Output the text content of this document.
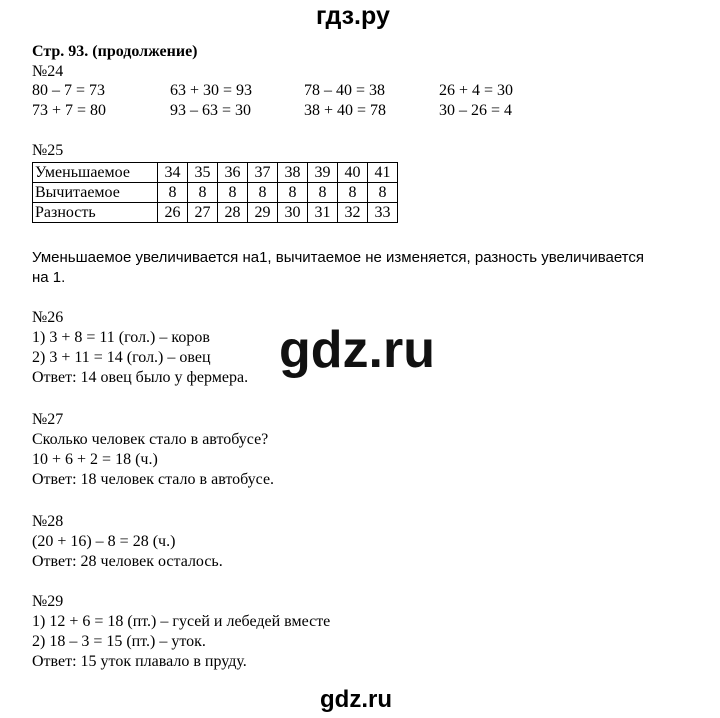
гдз.ру
Стр. 93. (продолжение)
№24
80 – 7 = 73	63 + 30 = 93	78 – 40 = 38	26 + 4 = 30
73 + 7 = 80	93 – 63 = 30	38 + 40 = 78	30 – 26 = 4
№25
Уменьшаемое	34	35	36	37	38	39	40	41
Вычитаемое	8	8	8	8	8	8	8	8
Разность	26	27	28	29	30	31	32	33
Уменьшаемое увеличивается на1, вычитаемое не изменяется, разность увеличивается
на 1.
№26
1) 3 + 8 = 11 (гол.) – коров
2) 3 + 11 = 14 (гол.) – овец
Ответ: 14 овец было у фермера.
№27
Сколько человек стало в автобусе?
10 + 6 + 2 = 18 (ч.)
Ответ: 18 человек стало в автобусе.
№28
(20 + 16) – 8 = 28 (ч.)
Ответ: 28 человек осталось.
№29
1) 12 + 6 = 18 (пт.) – гусей и лебедей вместе
2) 18 – 3 = 15 (пт.) – уток.
Ответ: 15 уток плавало в пруду.
gdz.ru
gdz.ru
